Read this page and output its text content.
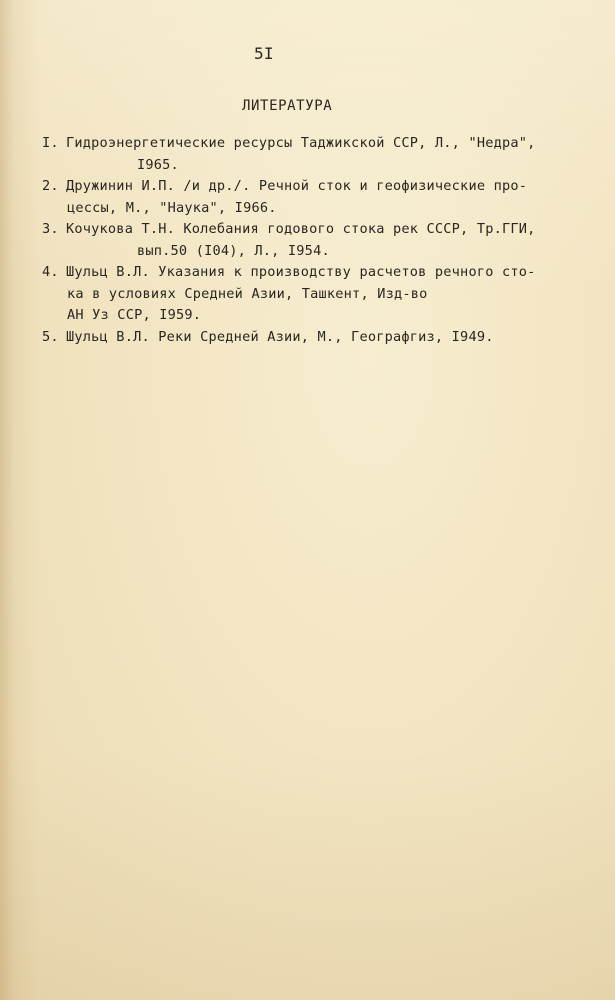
5I
ЛИТЕРАТУРА
I. Гидроэнергетические ресурсы Таджикской ССР, Л., "Недра",
I965.
2. Дружинин И.П. /и др./. Речной сток и геофизические про-
цессы, М., "Наука", I966.
3. Кочукова Т.Н. Колебания годового стока рек СССР, Тр.ГГИ,
вып.50 (I04), Л., I954.
4. Шульц В.Л. Указания к производству расчетов речного сто-
ка в условиях Средней Азии, Ташкент, Изд-во
АН Уз ССР, I959.
5. Шульц В.Л. Реки Средней Азии, М., Географгиз, I949.
